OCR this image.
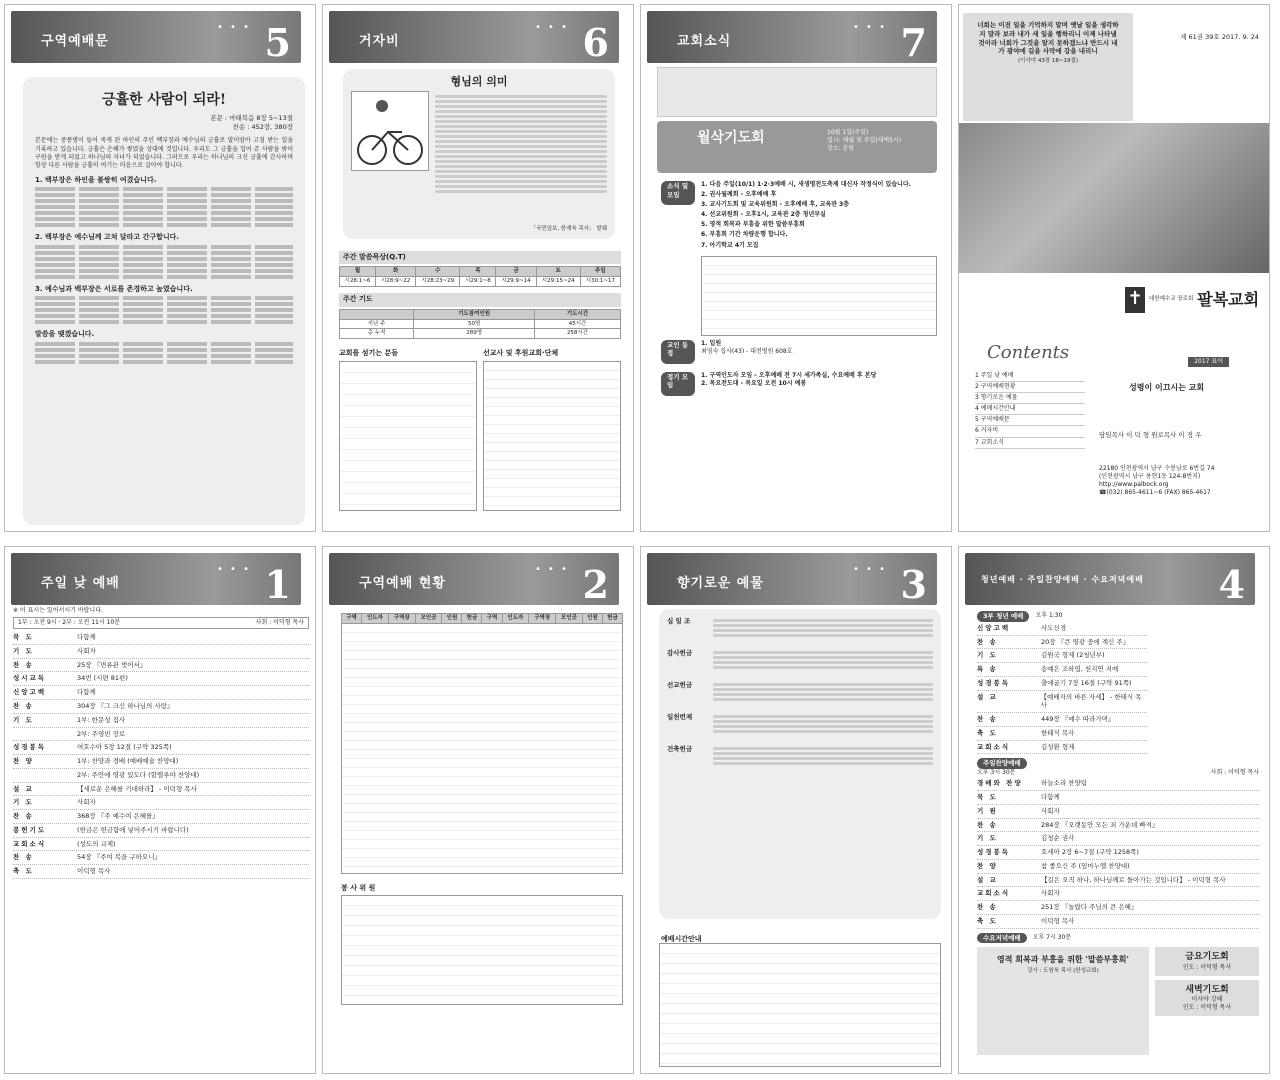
구역예배문
• • • 5
긍휼한 사람이 되라!
본문 : 마태복음 8장 5~13절
찬송 : 452장, 380장

본문에는 중풍병이 들어 죽게 된 하인의 주인 백부장과 예수님의 긍휼로 말미암아 고침 받는 일을 기록하고 있습니다. 긍휼은 은혜가 쌓였을 상대에 것입니다. 우리도 그 긍휼을 입어 쥬 사람을 밖어 구원을 받게 되었고 하나님의 자녀가 되었습니다. 그러므로 우리는 하나님의 크신 긍휼에 감사하며 항상 다른 사람을 긍휼이 여기는 마음으로 살아야 합니다.

1. 백부장은 하인을 불쌍히 여겼습니다.
2. 백부장은 예수님께 고쳐 달라고 간구합니다.
3. 예수님과 백부장은 서로를 존경하고 높였습니다.
말씀을 맺겠습니다.
거자비
• • • 6
형님의 의미
「국민일보, 한재욱 목사」 발췌
주간 말씀묵상(Q.T)
월	화	수	목	금	토	주일
시28:1~6	시28:9~22	시28:23~29	시29:1~8	시29:9~14	시29:15~24	시30:1~17
주간 기도
	기도참여인원	기도시간
지난 주	50명	45시간
총 누적	289명	258시간
교회를 섬기는 분들	선교사 및 후원교회·단체
교회소식
• • • 7
월삭기도회	10월 1일(주일)
일시: 매월 첫 주일(새벽5시)
장소: 본당
소식 및 모임
1. 다음 주일(10/1) 1·2·3예배 시, 새생명전도축제 대신자 작정식이 있습니다.
2. 권사월례회 - 오후예배 후
3. 교사기도회 및 교육위원회 - 오후예배 후, 교육관 3층
4. 선교위원회 - 오후1시, 교육관 2층 청년부실
5. 영적 회복과 부흥을 위한 말씀부흥회
6. 부흥회 기간 차량운행 합니다.
7. 아기학교 4기 모집
교인 동정
1. 입원
최영숙 집사(43) - 대전병원 608호
정기 모임
1. 구역인도자 모임 - 오후예배 전 7시 세가족실, 수요예배 후 본당
2. 목요전도대 - 목요일 오전 10시 예봉
너희는 이전 일을 기억하지 말며 옛날 일을 생각하지 말라 보라 내가 새 일을 행하리니 이제 나타낼 것이라 너희가 그것을 알지 못하겠느냐 반드시 내가 광야에 길을 사막에 강을 내리니
(이사야 43장 18~19절)
제 61권 39호 2017. 9. 24
✝	대한예수교 장로회 팔복교회
Contents
1 주일 낮 예배
2 구역예배현황
3 향기로운 예물
4 예배시간안내
5 구역예배문
6 거자비
7 교회소식
2017 표어
성령이 이끄시는 교회
담임목사 이 덕 형 원로목사 이 정 우
22180 인천광역시 남구 수봉남로 6번길 74
(인천광역시 남구 용현1동 124-8번지)
http://www.palbock.org
☎(032) 865-4611~6 (FAX) 865-4617
주일 낮 예배
• • • 1
※ 이 표시는 일어서시기 바랍니다.
1부 : 오전 9시 · 2부 : 오전 11시 10분	사회 : 이덕형 목사
묵 도	다함께
기 도	사회자
찬 송	25장 『면류관 벗어서』
성시교독	34번 (시편 81편)
신앙고백	다함께
찬 송	304장 『그 크신 하나님의 사랑』
기 도	1부: 한문성 집사
2부: 주영빈 장로
성경봉독	여호수아 5장 12절 (구약 325쪽)
찬 양	1부: 찬양과 경배 (예배예술 찬양대)
2부: 주안에 영광 있도다 (할렐루야 찬양대)
설 교	【새로운 은혜를 기대하라】 - 이덕형 목사
기 도	사회자
찬 송	368장 『주 예수여 은혜를』
봉헌기도	(헌금은 헌금함에 넣어주시기 바랍니다)
교회소식	(성도의 교제)
찬 송	54장 『주여 복을 구하오니』
축 도	이덕형 목사
구역예배 현황
• • • 2
구역	인도자	구역장	모인곳	인원	헌금	구역	인도자	구역장	모인곳	인원	헌금
봉 사 위 원
향기로운 예물
• • • 3
십 일 조
감사헌금
선교헌금
일천번제
건축헌금
예배시간안내
청년예배 · 주일찬양예배 · 수요저녁예배 4
3부 청년 예배	오후 1:30
신앙고백	사도신경
찬 송	20장 『큰 영광 중에 계신 주』
기 도	김원국 형제 (2청년부)
특 송	송예은 조하엽, 천지연 지매
성경봉독	출애굽기 7장 16절 (구약 91쪽)
설 교	【예배자의 바른 자세】 - 한태식 목사
찬 송	449장 『예수 따라가며』
축 도	한태식 목사
교회소식	김성환 형제
주일찬양예배
오후 3시 30분	사회 : 이덕형 목사
경배와 찬양	하늘소리 찬양팀
묵 도	다함께
기 원	사회자
찬 송	284장 『오랫동안 모든 죄 가운데 빠져』
기 도	김청순 권사
성경봉독	호세아 2장 6~7절 (구약 1258쪽)
찬 양	참 좋으신 주 (임마누엘 찬양대)
설 교	【길은 오직 하나, 하나님께로 돌아가는 것입니다】 - 이덕형 목사
교회소식	사회자
찬 송	251장 『놀랍다 주님의 큰 은혜』
축 도	이덕형 목사
수요저녁예배	오후 7시 30분
영적 회복과 부흥을 위한 '말씀부흥회'
강사 : 도원욱 목사 (한성교회)
금요기도회
인도 : 이덕형 목사
새벽기도회
이사야 강해
인도 : 이덕형 목사
